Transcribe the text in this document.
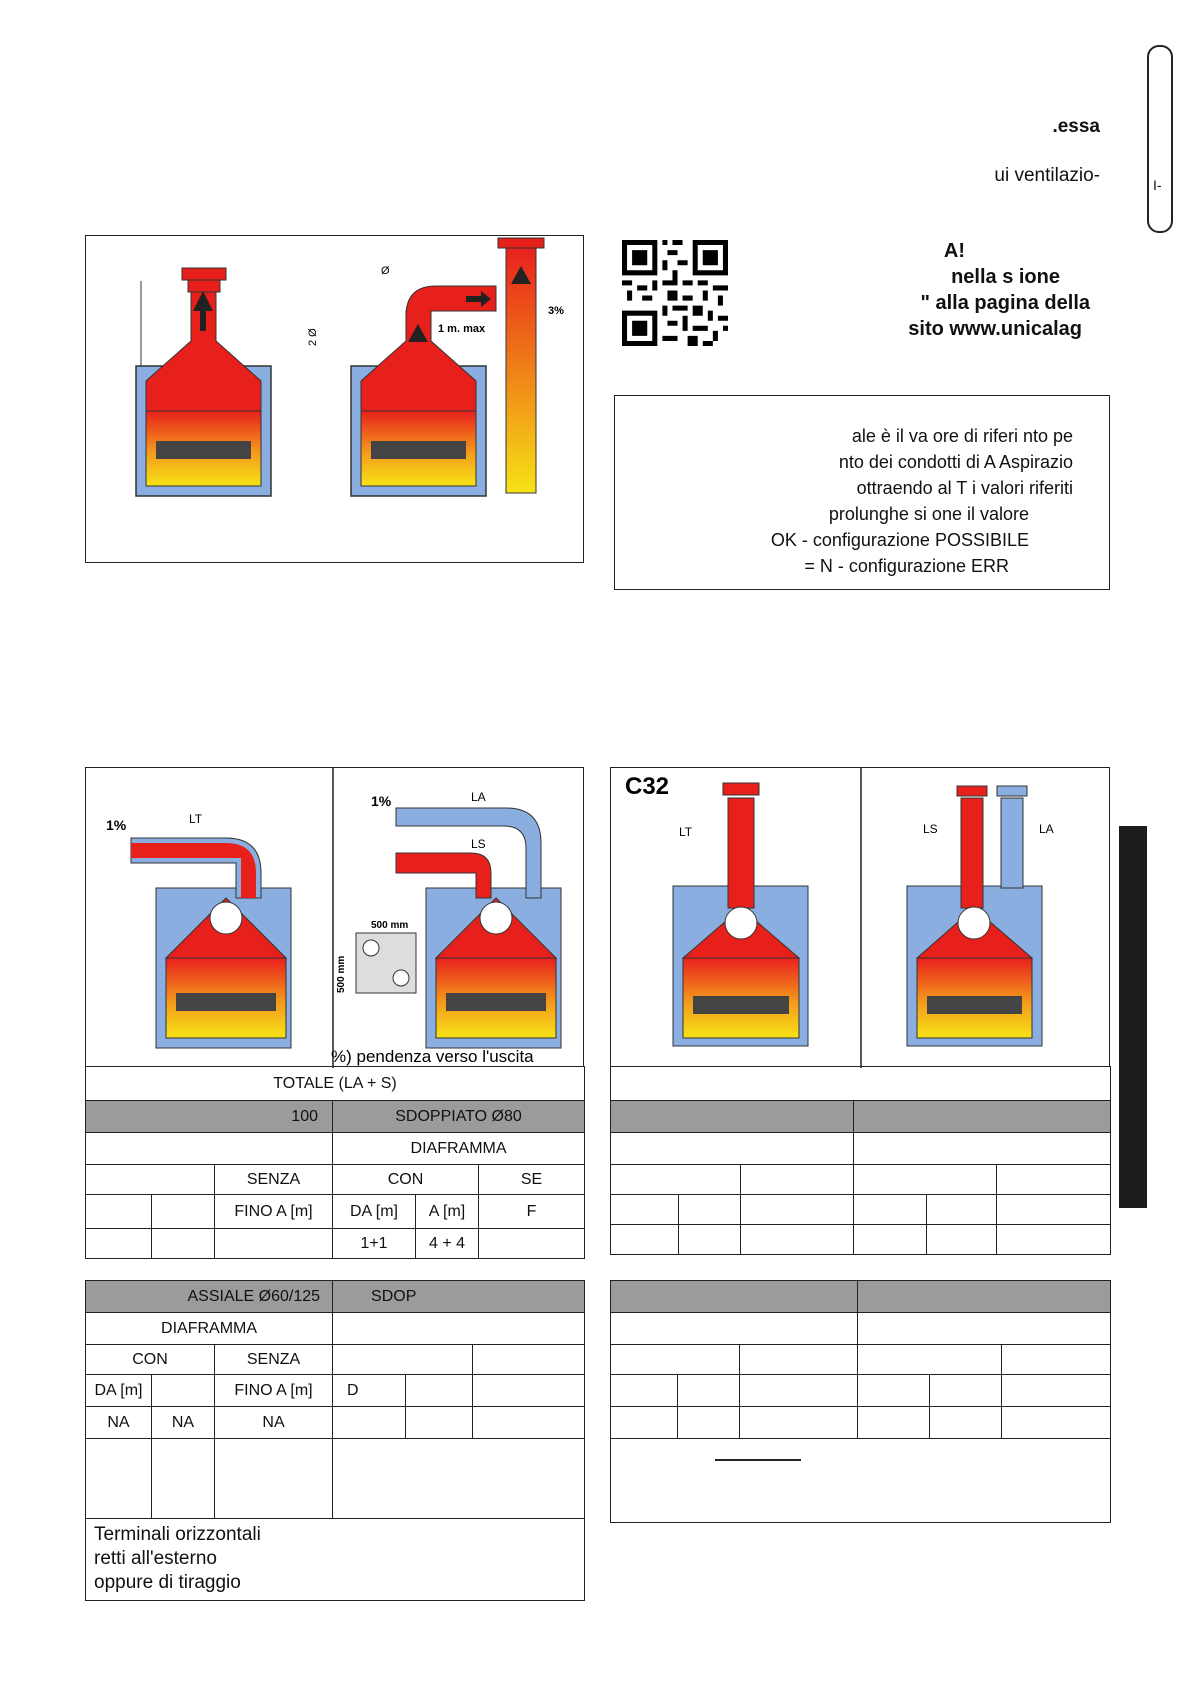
.essa
ui ventilazio-	I-
Ø
2 Ø	1 m. max
3%
A!
nella s ione
" alla pagina della
sito www.unicalag
ale è il va ore di riferi nto pe
nto dei condotti di A Aspirazio
ottraendo al T i valori riferiti
prolunghe si one il valore
OK - configurazione POSSIBILE
= N - configurazione ERR
1%	LT
1%	LA
LS
500 mm
500 mm
%) pendenza verso l'uscita
C32
LT	LS	LA
TOTALE (LA + S)					
100			SDOPPIATO Ø80		
			DIAFRAMMA		
		SENZA	CON		SE
		FINO A [m]	DA [m]	A [m]	F
			1+1	4 + 4	

ASSIALE Ø60/125			SDOP		
DIAFRAMMA					
CON		SENZA			
DA [m]		FINO A [m]	D		
NA	NA	NA			

Terminali orizzontali
retti all'esterno
oppure di tiraggio					
